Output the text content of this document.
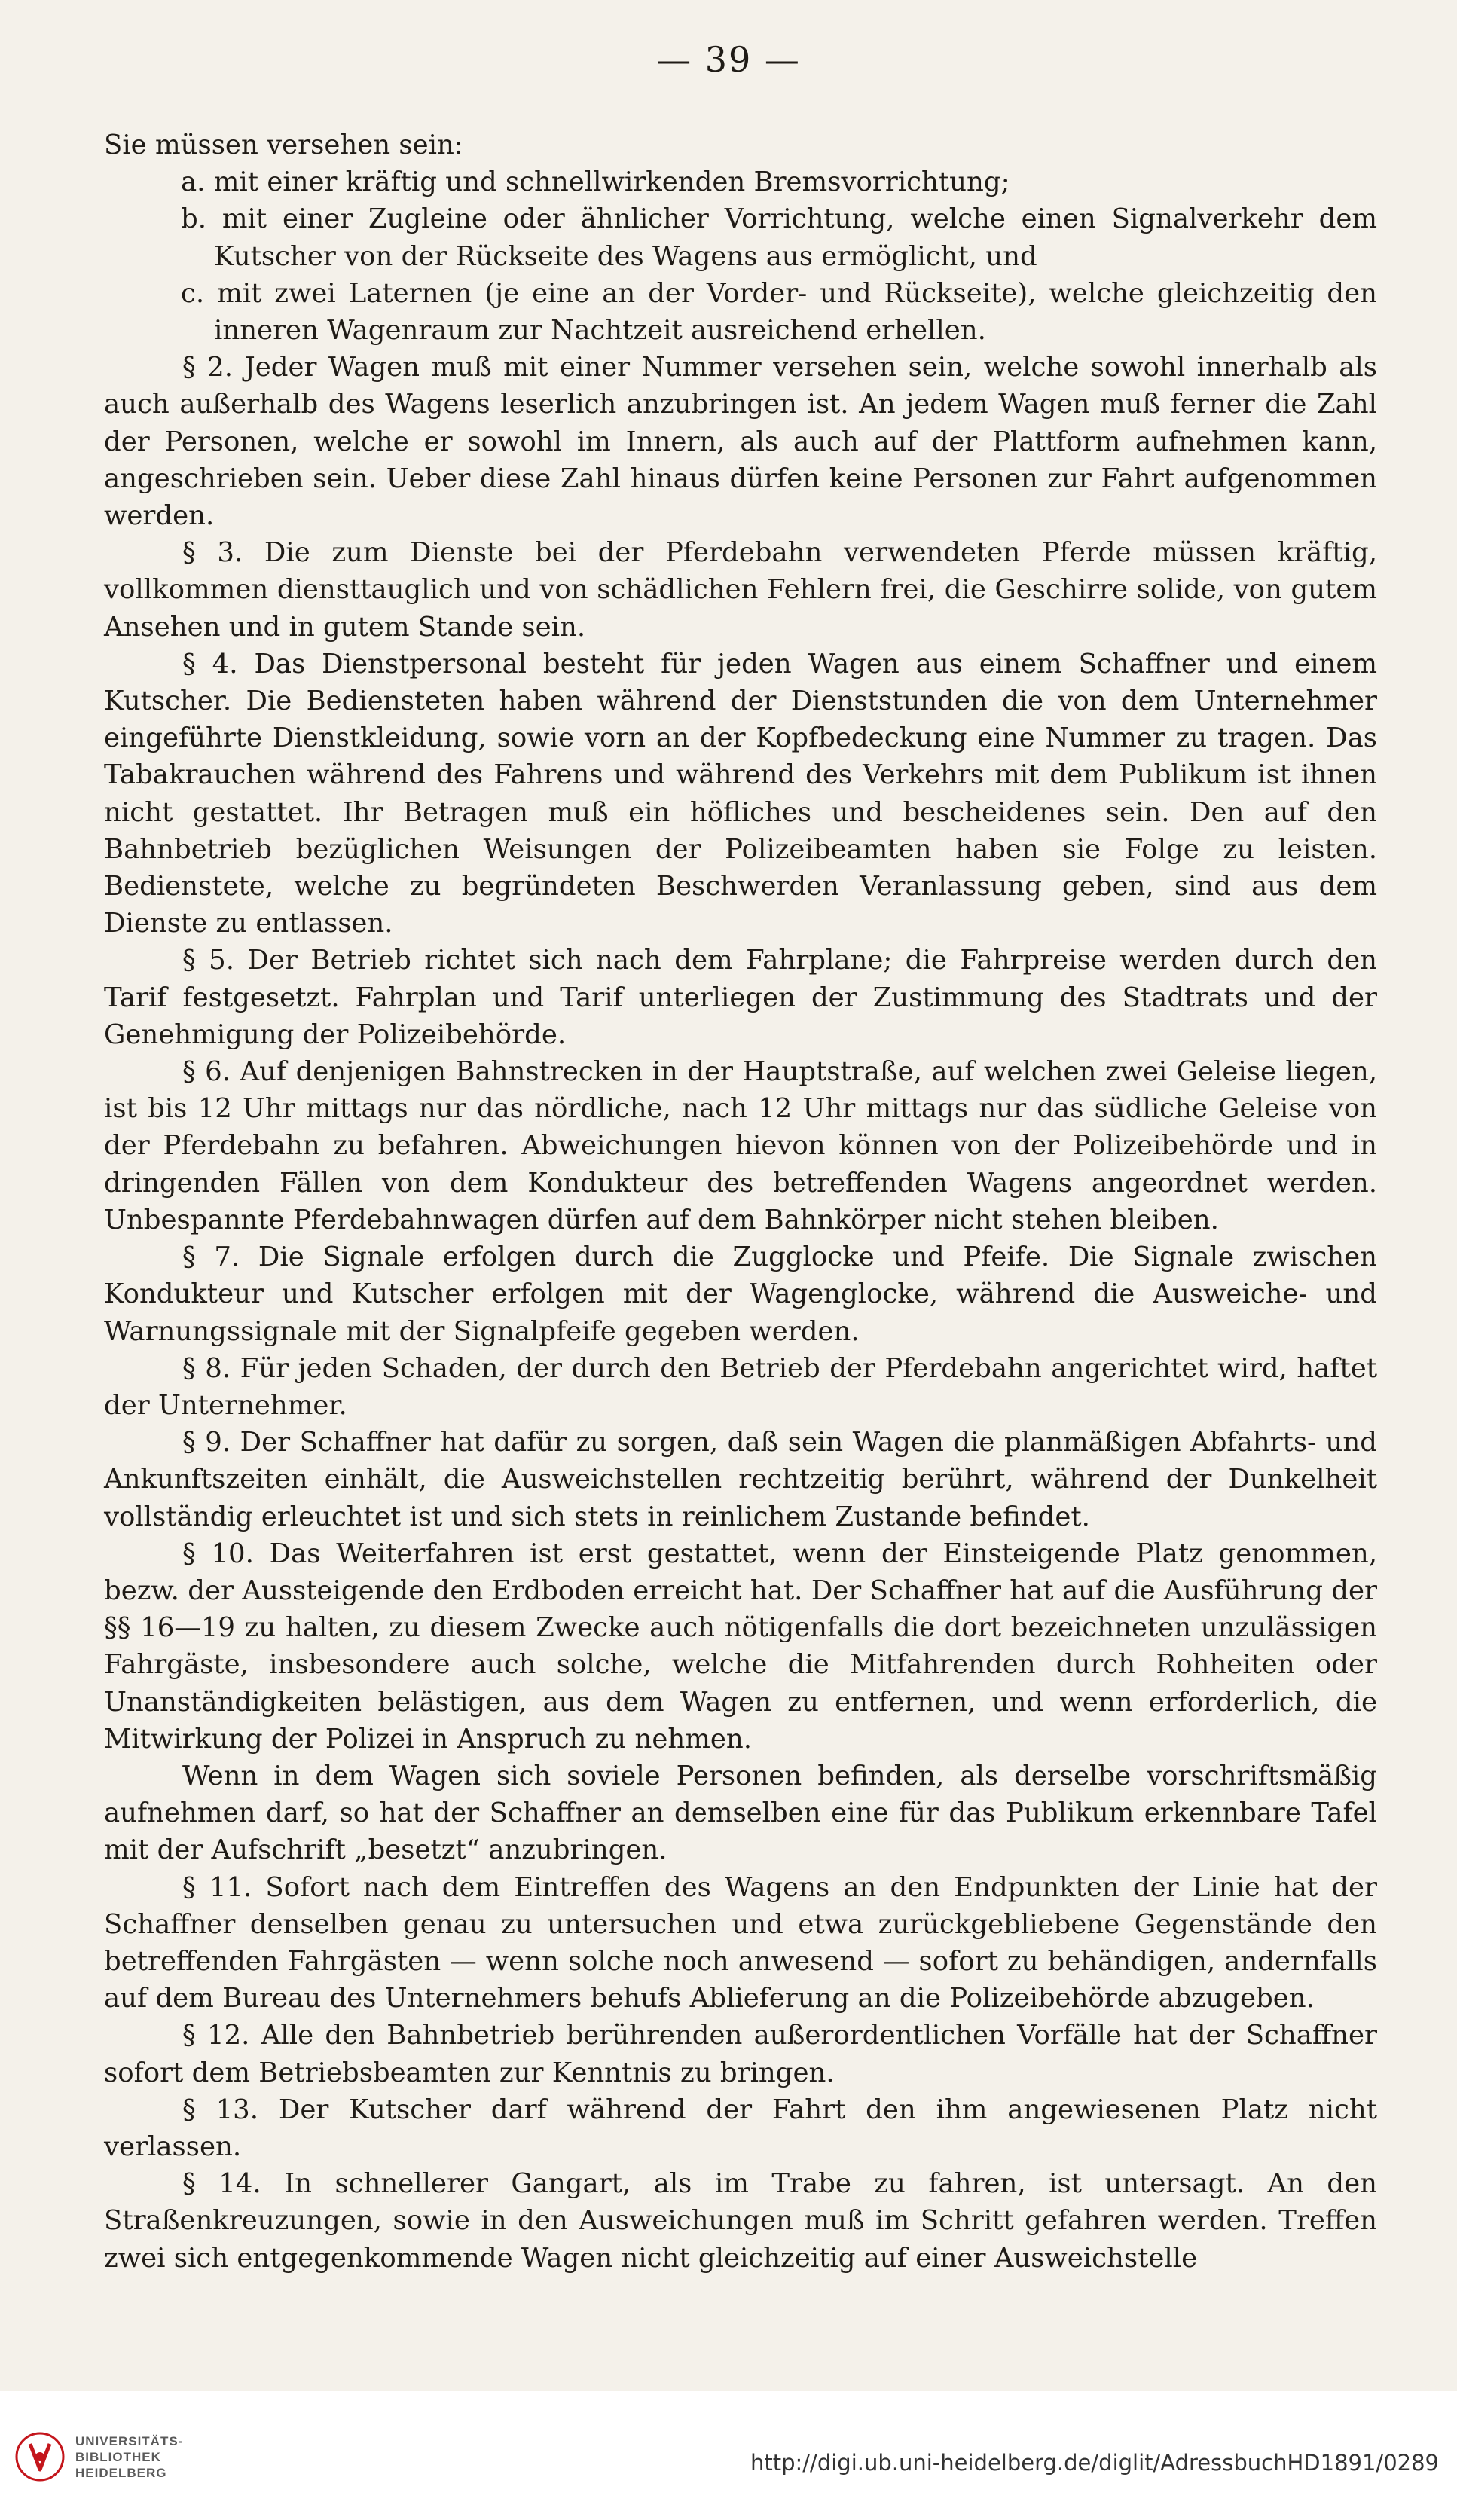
— 39 —

Sie müssen versehen sein:

a. mit einer kräftig und schnellwirkenden Bremsvorrichtung;

b. mit einer Zugleine oder ähnlicher Vorrichtung, welche einen Signalverkehr dem Kutscher von der Rückseite des Wagens aus ermöglicht, und

c. mit zwei Laternen (je eine an der Vorder- und Rückseite), welche gleichzeitig den inneren Wagenraum zur Nachtzeit ausreichend erhellen.

§ 2. Jeder Wagen muß mit einer Nummer versehen sein, welche sowohl innerhalb als auch außerhalb des Wagens leserlich anzubringen ist. An jedem Wagen muß ferner die Zahl der Personen, welche er sowohl im Innern, als auch auf der Plattform aufnehmen kann, angeschrieben sein. Ueber diese Zahl hinaus dürfen keine Personen zur Fahrt aufgenommen werden.

§ 3. Die zum Dienste bei der Pferdebahn verwendeten Pferde müssen kräftig, vollkommen diensttauglich und von schädlichen Fehlern frei, die Geschirre solide, von gutem Ansehen und in gutem Stande sein.

§ 4. Das Dienstpersonal besteht für jeden Wagen aus einem Schaffner und einem Kutscher. Die Bediensteten haben während der Dienststunden die von dem Unternehmer eingeführte Dienstkleidung, sowie vorn an der Kopfbedeckung eine Nummer zu tragen. Das Tabakrauchen während des Fahrens und während des Verkehrs mit dem Publikum ist ihnen nicht gestattet. Ihr Betragen muß ein höfliches und bescheidenes sein. Den auf den Bahnbetrieb bezüglichen Weisungen der Polizeibeamten haben sie Folge zu leisten. Bedienstete, welche zu begründeten Beschwerden Veranlassung geben, sind aus dem Dienste zu entlassen.

§ 5. Der Betrieb richtet sich nach dem Fahrplane; die Fahrpreise werden durch den Tarif festgesetzt. Fahrplan und Tarif unterliegen der Zustimmung des Stadtrats und der Genehmigung der Polizeibehörde.

§ 6. Auf denjenigen Bahnstrecken in der Hauptstraße, auf welchen zwei Geleise liegen, ist bis 12 Uhr mittags nur das nördliche, nach 12 Uhr mittags nur das südliche Geleise von der Pferdebahn zu befahren. Abweichungen hievon können von der Polizeibehörde und in dringenden Fällen von dem Kondukteur des betreffenden Wagens angeordnet werden. Unbespannte Pferdebahnwagen dürfen auf dem Bahnkörper nicht stehen bleiben.

§ 7. Die Signale erfolgen durch die Zugglocke und Pfeife. Die Signale zwischen Kondukteur und Kutscher erfolgen mit der Wagenglocke, während die Ausweiche- und Warnungssignale mit der Signalpfeife gegeben werden.

§ 8. Für jeden Schaden, der durch den Betrieb der Pferdebahn angerichtet wird, haftet der Unternehmer.

§ 9. Der Schaffner hat dafür zu sorgen, daß sein Wagen die planmäßigen Abfahrts- und Ankunftszeiten einhält, die Ausweichstellen rechtzeitig berührt, während der Dunkelheit vollständig erleuchtet ist und sich stets in reinlichem Zustande befindet.

§ 10. Das Weiterfahren ist erst gestattet, wenn der Einsteigende Platz genommen, bezw. der Aussteigende den Erdboden erreicht hat. Der Schaffner hat auf die Ausführung der §§ 16—19 zu halten, zu diesem Zwecke auch nötigenfalls die dort bezeichneten unzulässigen Fahrgäste, insbesondere auch solche, welche die Mitfahrenden durch Rohheiten oder Unanständigkeiten belästigen, aus dem Wagen zu entfernen, und wenn erforderlich, die Mitwirkung der Polizei in Anspruch zu nehmen.

Wenn in dem Wagen sich soviele Personen befinden, als derselbe vorschriftsmäßig aufnehmen darf, so hat der Schaffner an demselben eine für das Publikum erkennbare Tafel mit der Aufschrift „besetzt“ anzubringen.

§ 11. Sofort nach dem Eintreffen des Wagens an den Endpunkten der Linie hat der Schaffner denselben genau zu untersuchen und etwa zurückgebliebene Gegenstände den betreffenden Fahrgästen — wenn solche noch anwesend — sofort zu behändigen, andernfalls auf dem Bureau des Unternehmers behufs Ablieferung an die Polizeibehörde abzugeben.

§ 12. Alle den Bahnbetrieb berührenden außerordentlichen Vorfälle hat der Schaffner sofort dem Betriebsbeamten zur Kenntnis zu bringen.

§ 13. Der Kutscher darf während der Fahrt den ihm angewiesenen Platz nicht verlassen.

§ 14. In schnellerer Gangart, als im Trabe zu fahren, ist untersagt. An den Straßenkreuzungen, sowie in den Ausweichungen muß im Schritt gefahren werden. Treffen zwei sich entgegenkommende Wagen nicht gleichzeitig auf einer Ausweichstelle

UNIVERSITÄTS-
BIBLIOTHEK
HEIDELBERG	http://digi.ub.uni-heidelberg.de/diglit/AdressbuchHD1891/0289
